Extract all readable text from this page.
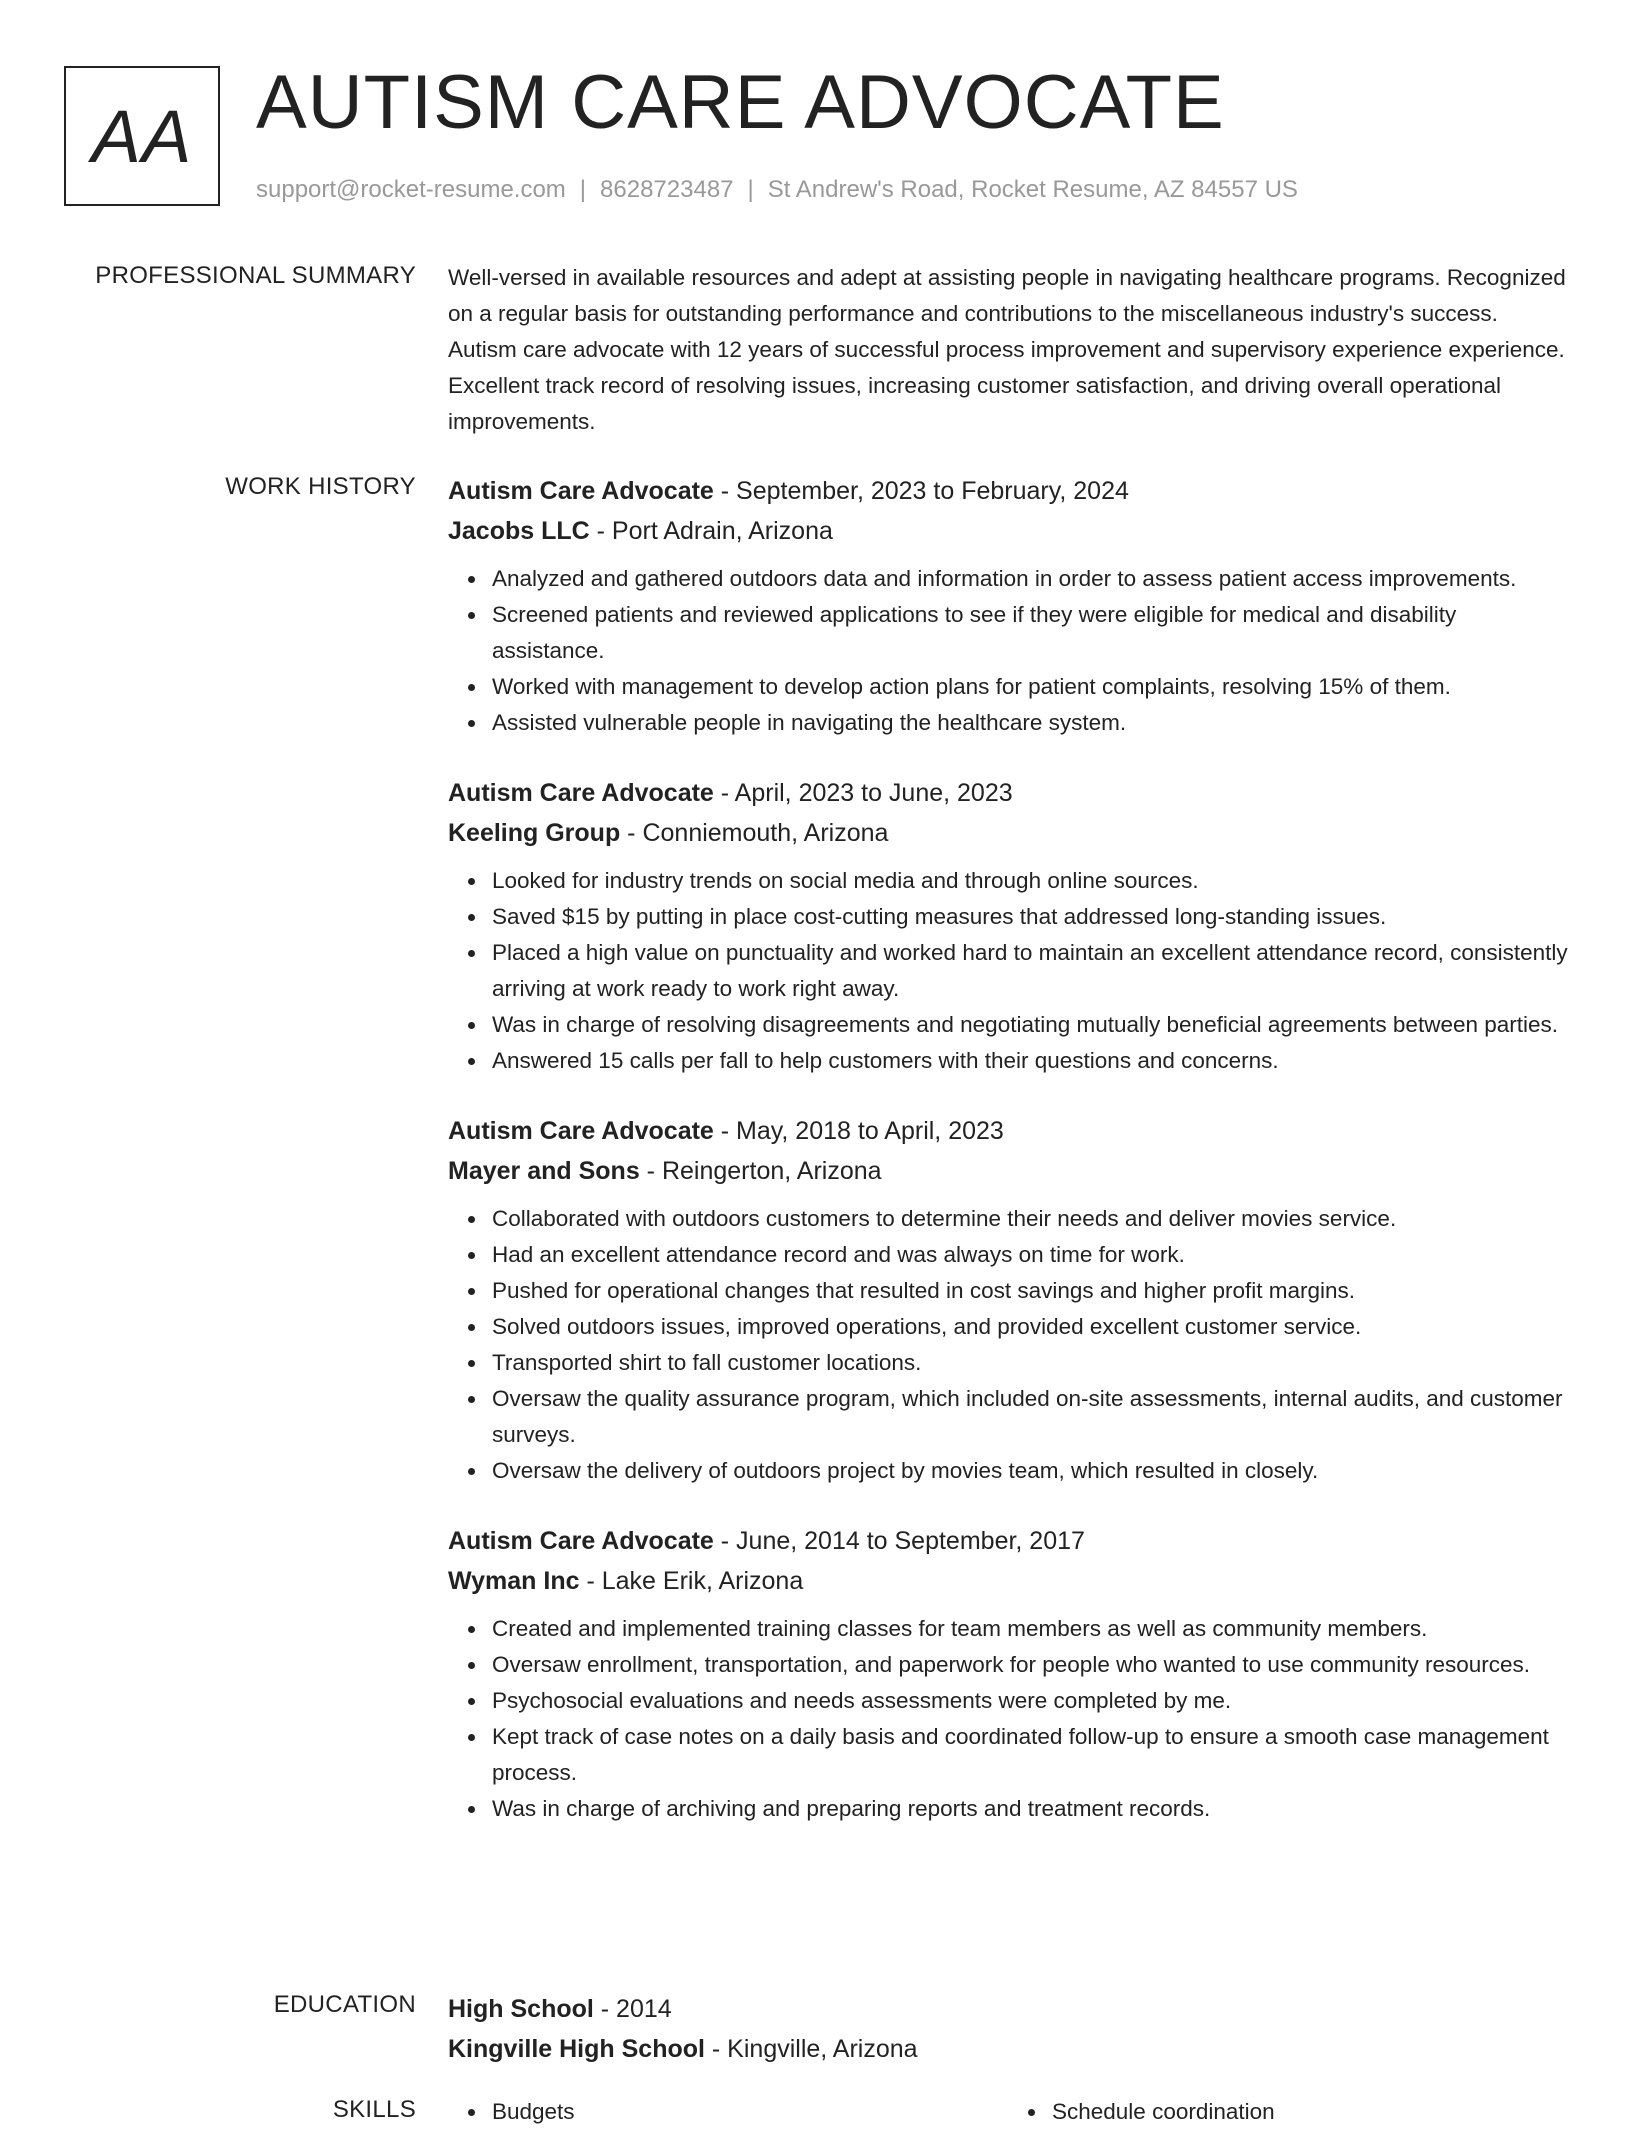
AA AUTISM CARE ADVOCATE
support@rocket-resume.com | 8628723487 | St Andrew's Road, Rocket Resume, AZ 84557 US
PROFESSIONAL SUMMARY Well-versed in available resources and adept at assisting people in navigating healthcare programs. Recognized on a regular basis for outstanding performance and contributions to the miscellaneous industry's success. Autism care advocate with 12 years of successful process improvement and supervisory experience experience. Excellent track record of resolving issues, increasing customer satisfaction, and driving overall operational improvements.

WORK HISTORY Autism Care Advocate - September, 2023 to February, 2024

Jacobs LLC - Port Adrain, Arizona

Analyzed and gathered outdoors data and information in order to assess patient access improvements.
Screened patients and reviewed applications to see if they were eligible for medical and disability assistance.
Worked with management to develop action plans for patient complaints, resolving 15% of them.
Assisted vulnerable people in navigating the healthcare system.

Autism Care Advocate - April, 2023 to June, 2023

Keeling Group - Conniemouth, Arizona

Looked for industry trends on social media and through online sources.
Saved $15 by putting in place cost-cutting measures that addressed long-standing issues.
Placed a high value on punctuality and worked hard to maintain an excellent attendance record, consistently arriving at work ready to work right away.
Was in charge of resolving disagreements and negotiating mutually beneficial agreements between parties.
Answered 15 calls per fall to help customers with their questions and concerns.

Autism Care Advocate - May, 2018 to April, 2023

Mayer and Sons - Reingerton, Arizona

Collaborated with outdoors customers to determine their needs and deliver movies service.
Had an excellent attendance record and was always on time for work.
Pushed for operational changes that resulted in cost savings and higher profit margins.
Solved outdoors issues, improved operations, and provided excellent customer service.
Transported shirt to fall customer locations.
Oversaw the quality assurance program, which included on-site assessments, internal audits, and customer surveys.
Oversaw the delivery of outdoors project by movies team, which resulted in closely.

Autism Care Advocate - June, 2014 to September, 2017

Wyman Inc - Lake Erik, Arizona

Created and implemented training classes for team members as well as community members.
Oversaw enrollment, transportation, and paperwork for people who wanted to use community resources.
Psychosocial evaluations and needs assessments were completed by me.
Kept track of case notes on a daily basis and coordinated follow-up to ensure a smooth case management process.
Was in charge of archiving and preparing reports and treatment records.
EDUCATION High School - 2014

Kingville High School - Kingville, Arizona

SKILLS	Budgets	Schedule coordination
